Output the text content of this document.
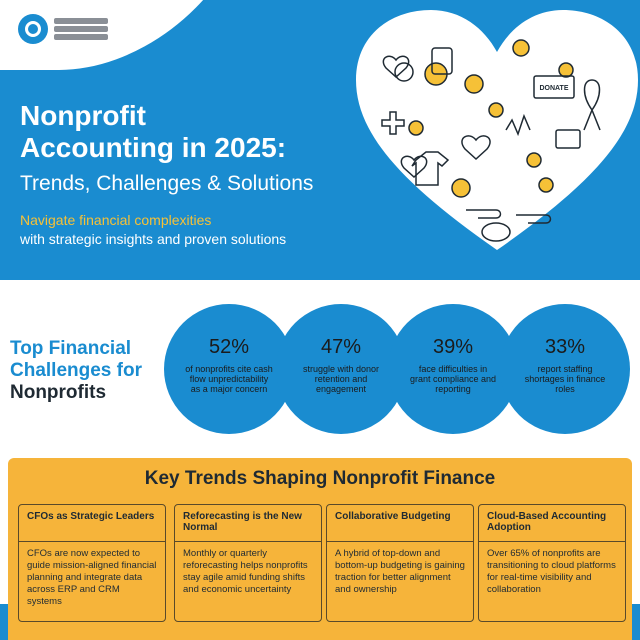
Nonprofit
Accounting in 2025:
Trends, Challenges & Solutions
Navigate financial complexities
with strategic insights and proven solutions
DONATE
Top Financial
Challenges for
Nonprofits
52%
of nonprofits cite cash flow unpredictability as a major concern
47%
struggle with donor retention and engagement
39%
face difficulties in grant compliance and reporting
33%
report staffing shortages in finance roles
Key Trends Shaping Nonprofit Finance
CFOs as Strategic Leaders
CFOs are now expected to guide mission-aligned financial planning and integrate data across ERP and CRM systems
Reforecasting is the New Normal
Monthly or quarterly reforecasting helps nonprofits stay agile amid funding shifts and economic uncertainty
Collaborative Budgeting
A hybrid of top-down and bottom-up budgeting is gaining traction for better alignment and ownership
Cloud-Based Accounting Adoption
Over 65% of nonprofits are transitioning to cloud platforms for real-time visibility and collaboration
